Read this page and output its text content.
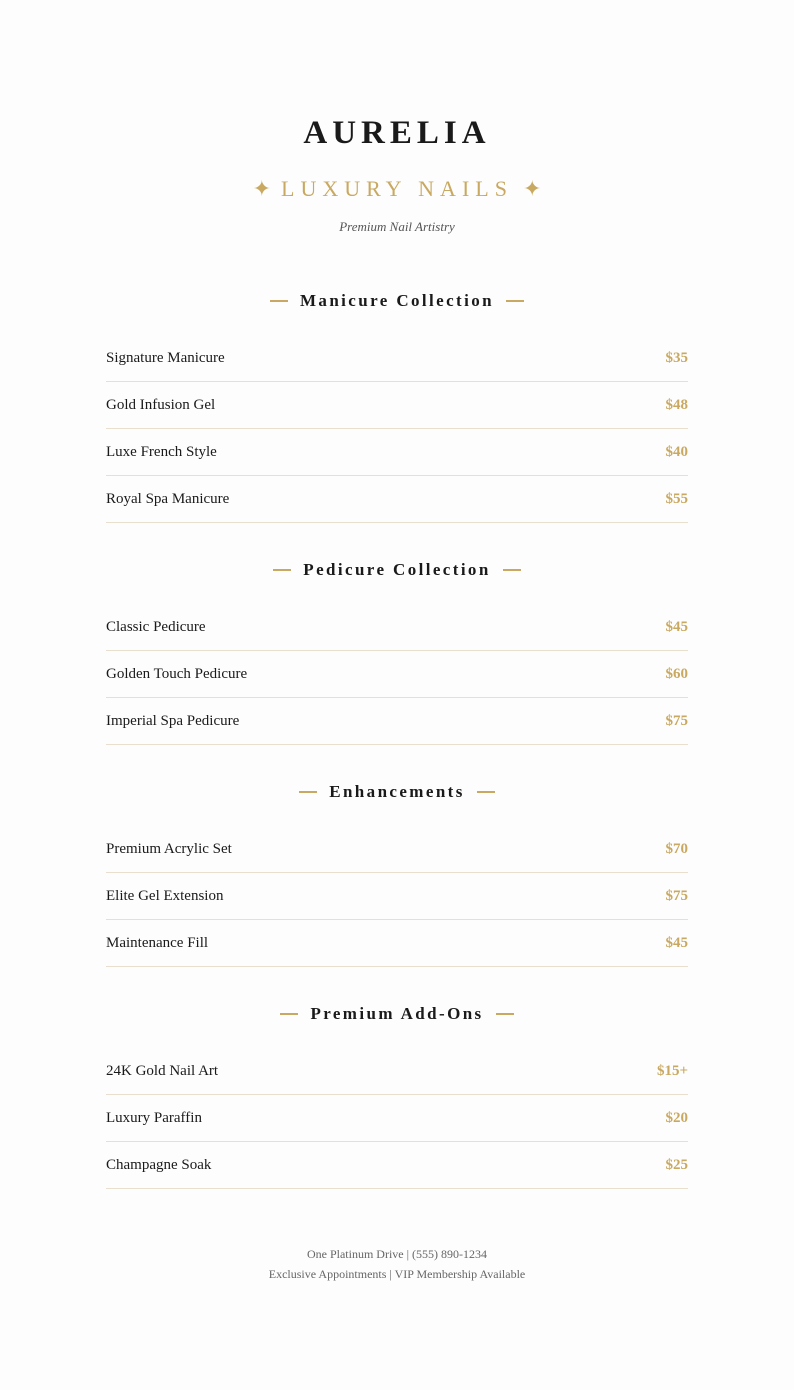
AURELIA
✦ LUXURY NAILS ✦
Premium Nail Artistry
Manicure Collection
Signature Manicure	$35
Gold Infusion Gel	$48
Luxe French Style	$40
Royal Spa Manicure	$55
Pedicure Collection
Classic Pedicure	$45
Golden Touch Pedicure	$60
Imperial Spa Pedicure	$75
Enhancements
Premium Acrylic Set	$70
Elite Gel Extension	$75
Maintenance Fill	$45
Premium Add-Ons
24K Gold Nail Art	$15+
Luxury Paraffin	$20
Champagne Soak	$25
One Platinum Drive | (555) 890-1234
Exclusive Appointments | VIP Membership Available
